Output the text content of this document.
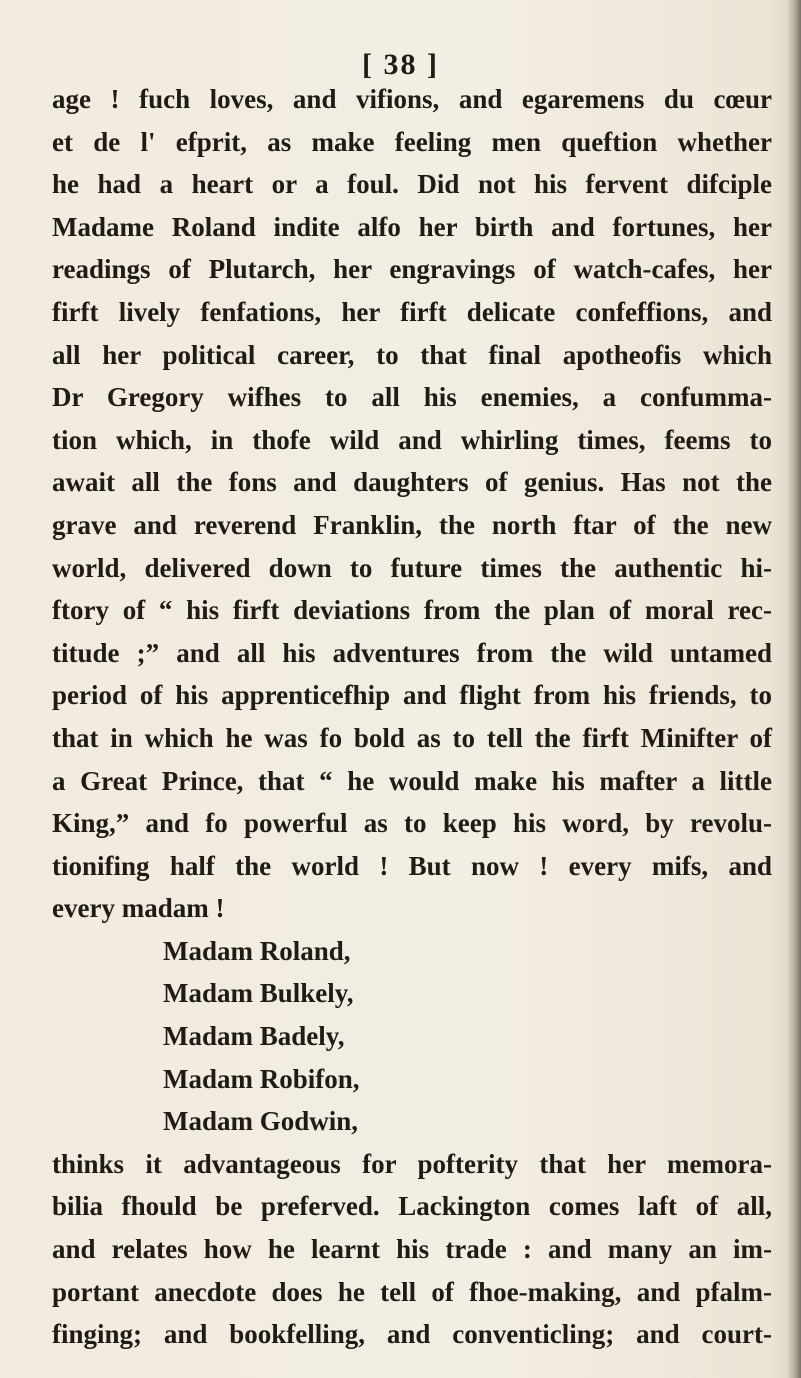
[ 38 ]
age ! fuch loves, and vifions, and egaremens du cœur
et de l' efprit, as make feeling men queftion whether
he had a heart or a foul. Did not his fervent difciple
Madame Roland indite alfo her birth and fortunes, her
readings of Plutarch, her engravings of watch-cafes, her
firft lively fenfations, her firft delicate confeffions, and
all her political career, to that final apotheofis which
Dr Gregory wifhes to all his enemies, a confumma-
tion which, in thofe wild and whirling times, feems to
await all the fons and daughters of genius. Has not the
grave and reverend Franklin, the north ftar of the new
world, delivered down to future times the authentic hi-
ftory of “ his firft deviations from the plan of moral rec-
titude ;” and all his adventures from the wild untamed
period of his apprenticefhip and flight from his friends, to
that in which he was fo bold as to tell the firft Minifter of
a Great Prince, that “ he would make his mafter a little
King,” and fo powerful as to keep his word, by revolu-
tionifing half the world ! But now ! every mifs, and
every madam !
Madam Roland,
Madam Bulkely,
Madam Badely,
Madam Robifon,
Madam Godwin,
thinks it advantageous for pofterity that her memora-
bilia fhould be preferved. Lackington comes laft of all,
and relates how he learnt his trade : and many an im-
portant anecdote does he tell of fhoe-making, and pfalm-
finging; and bookfelling, and conventicling; and court-
